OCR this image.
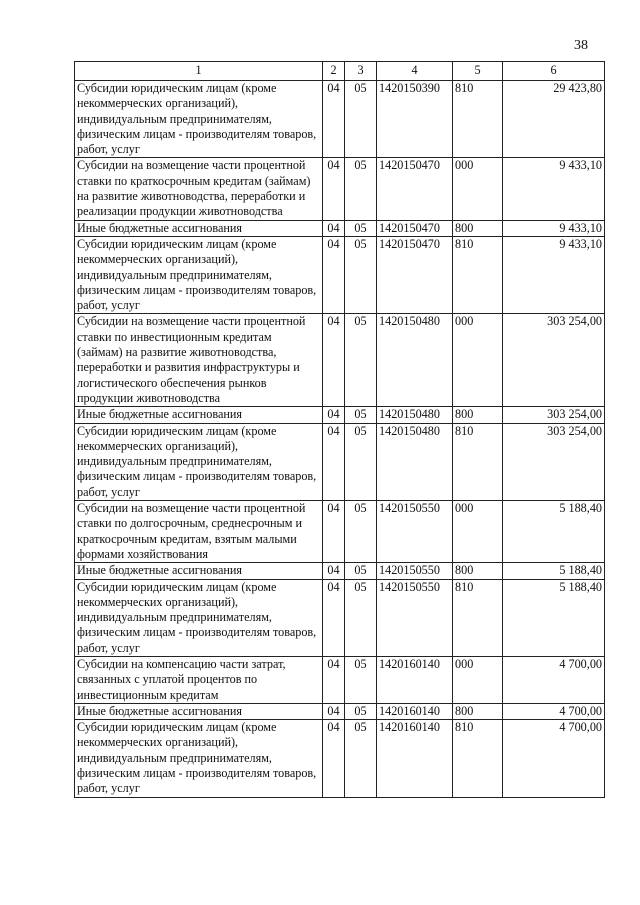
38
1	2	3	4	5	6
Субсидии юридическим лицам (кроме некоммерческих организаций), индивидуальным предпринимателям, физическим лицам - производителям товаров, работ, услуг	04	05	1420150390	810	29 423,80
Субсидии на возмещение части процентной ставки по краткосрочным кредитам (займам) на развитие животноводства, переработки и реализации продукции животноводства	04	05	1420150470	000	9 433,10
Иные бюджетные ассигнования	04	05	1420150470	800	9 433,10
Субсидии юридическим лицам (кроме некоммерческих организаций), индивидуальным предпринимателям, физическим лицам - производителям товаров, работ, услуг	04	05	1420150470	810	9 433,10
Субсидии на возмещение части процентной ставки по инвестиционным кредитам (займам) на развитие животноводства, переработки и развития инфраструктуры и логистического обеспечения рынков продукции животноводства	04	05	1420150480	000	303 254,00
Иные бюджетные ассигнования	04	05	1420150480	800	303 254,00
Субсидии юридическим лицам (кроме некоммерческих организаций), индивидуальным предпринимателям, физическим лицам - производителям товаров, работ, услуг	04	05	1420150480	810	303 254,00
Субсидии на возмещение части процентной ставки по долгосрочным, среднесрочным и краткосрочным кредитам, взятым малыми формами хозяйствования	04	05	1420150550	000	5 188,40
Иные бюджетные ассигнования	04	05	1420150550	800	5 188,40
Субсидии юридическим лицам (кроме некоммерческих организаций), индивидуальным предпринимателям, физическим лицам - производителям товаров, работ, услуг	04	05	1420150550	810	5 188,40
Субсидии на компенсацию части затрат, связанных с уплатой процентов по инвестиционным кредитам	04	05	1420160140	000	4 700,00
Иные бюджетные ассигнования	04	05	1420160140	800	4 700,00
Субсидии юридическим лицам (кроме некоммерческих организаций), индивидуальным предпринимателям, физическим лицам - производителям товаров, работ, услуг	04	05	1420160140	810	4 700,00
